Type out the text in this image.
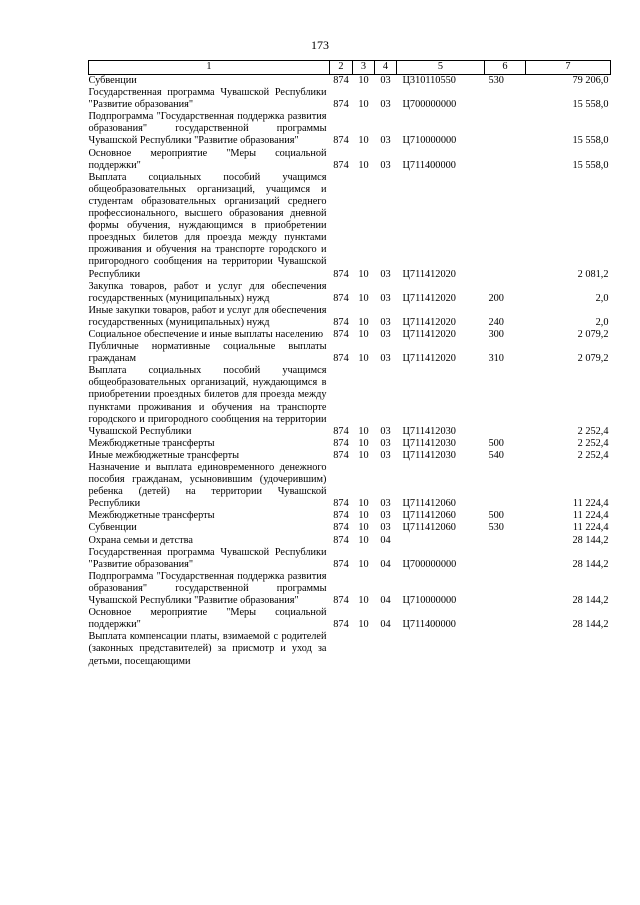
173
1	2	3	4	5	6	7
Субвенции	874	10	03	Ц310110550	530	79 206,0
Государственная программа Чувашской Республики "Развитие образования"	874	10	03	Ц700000000		15 558,0
Подпрограмма "Государственная поддержка развития образования" государственной программы Чувашской Республики "Развитие образования"	874	10	03	Ц710000000		15 558,0
Основное мероприятие "Меры социальной поддержки"	874	10	03	Ц711400000		15 558,0
Выплата социальных пособий учащимся общеобразовательных организаций, учащимся и студентам образовательных организаций среднего профессионального, высшего образования дневной формы обучения, нуждающимся в приобретении проездных билетов для проезда между пунктами проживания и обучения на транспорте городского и пригородного сообщения на территории Чувашской Республики	874	10	03	Ц711412020		2 081,2
Закупка товаров, работ и услуг для обеспечения государственных (муниципальных) нужд	874	10	03	Ц711412020	200	2,0
Иные закупки товаров, работ и услуг для обеспечения государственных (муниципальных) нужд	874	10	03	Ц711412020	240	2,0
Социальное обеспечение и иные выплаты населению	874	10	03	Ц711412020	300	2 079,2
Публичные нормативные социальные выплаты гражданам	874	10	03	Ц711412020	310	2 079,2
Выплата социальных пособий учащимся общеобразовательных организаций, нуждающимся в приобретении проездных билетов для проезда между пунктами проживания и обучения на транспорте городского и пригородного сообщения на территории Чувашской Республики	874	10	03	Ц711412030		2 252,4
Межбюджетные трансферты	874	10	03	Ц711412030	500	2 252,4
Иные межбюджетные трансферты	874	10	03	Ц711412030	540	2 252,4
Назначение и выплата единовременного денежного пособия гражданам, усыновившим (удочерившим) ребенка (детей) на территории Чувашской Республики	874	10	03	Ц711412060		11 224,4
Межбюджетные трансферты	874	10	03	Ц711412060	500	11 224,4
Субвенции	874	10	03	Ц711412060	530	11 224,4
Охрана семьи и детства	874	10	04			28 144,2
Государственная программа Чувашской Республики "Развитие образования"	874	10	04	Ц700000000		28 144,2
Подпрограмма "Государственная поддержка развития образования" государственной программы Чувашской Республики "Развитие образования"	874	10	04	Ц710000000		28 144,2
Основное мероприятие "Меры социальной поддержки"	874	10	04	Ц711400000		28 144,2
Выплата компенсации платы, взимаемой с родителей (законных представителей) за присмотр и уход за детьми, посещающими						
